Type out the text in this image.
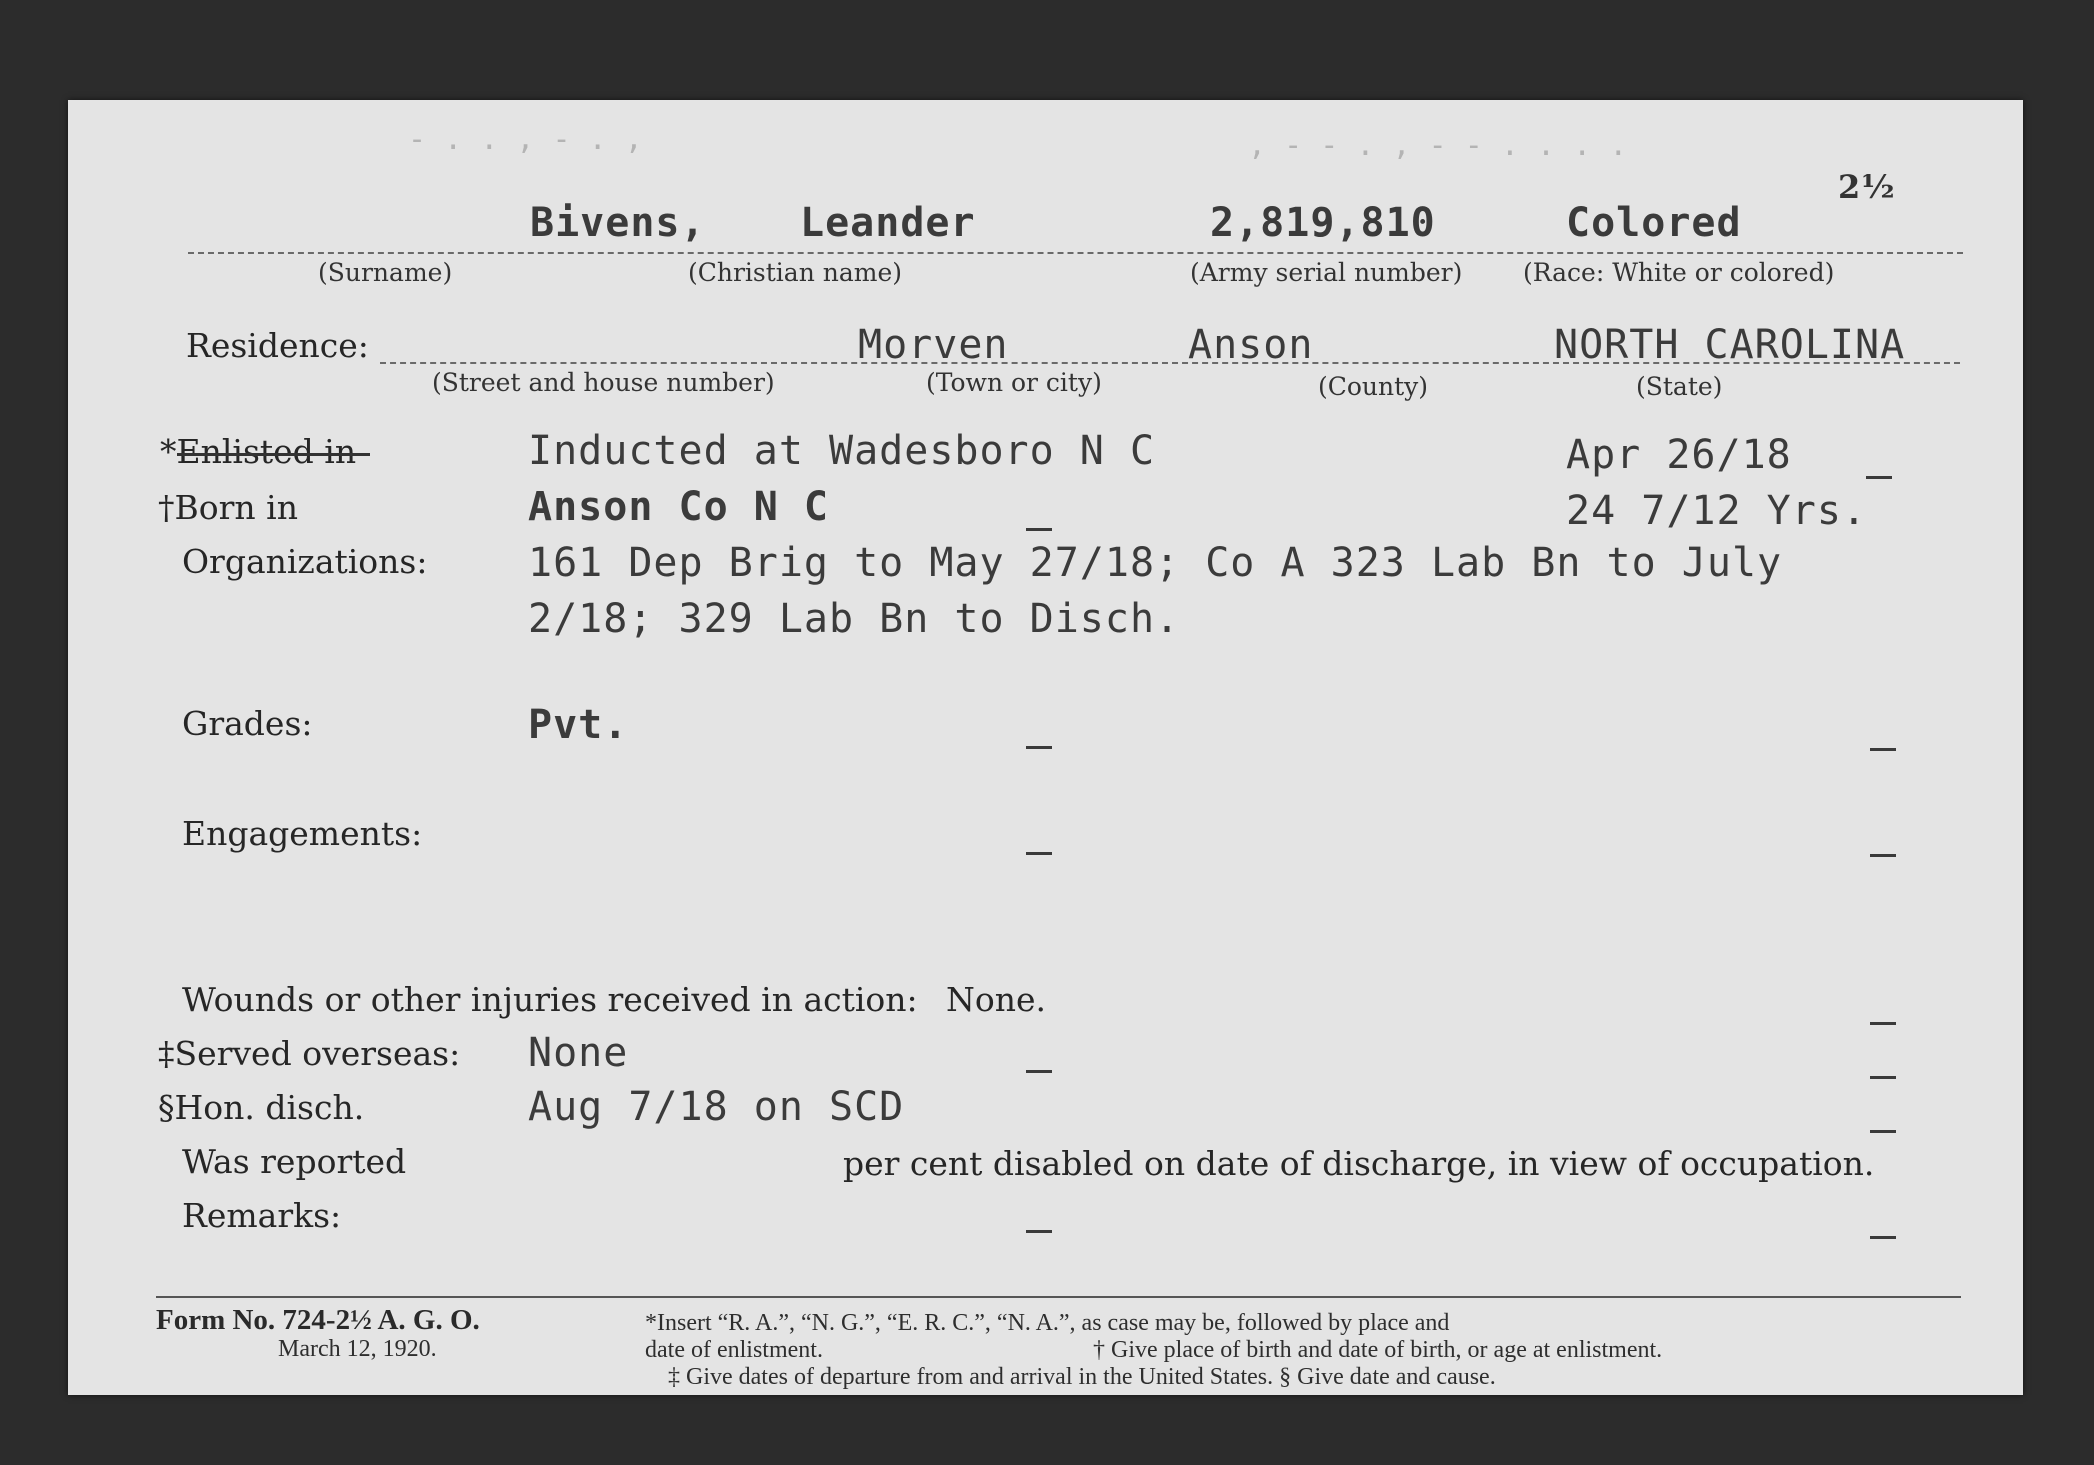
- . . , - . ,	, - - . , - - . . . .
2½
Bivens, Leander	2,819,810	Colored
(Surname)	(Christian name)	(Army serial number) (Race: White or colored)
Residence:	Morven	Anson	NORTH CAROLINA
(Street and house number)	(Town or city)	(County)	(State)
*Enlisted in	Inducted at Wadesboro N C	Apr 26/18
†Born in	Anson Co N C	24 7/12 Yrs.
Organizations:	161 Dep Brig to May 27/18; Co A 323 Lab Bn to July
2/18; 329 Lab Bn to Disch.
Grades:	Pvt.
Engagements:
Wounds or other injuries received in action: None.
‡Served overseas: None
§Hon. disch.	Aug 7/18 on SCD
Was reported	per cent disabled on date of discharge, in view of occupation.
Remarks:
Form No. 724-2½ A. G. O.
March 12, 1920.
*Insert “R. A.”, “N. G.”, “E. R. C.”, “N. A.”, as case may be, followed by place and
date of enlistment.	† Give place of birth and date of birth, or age at enlistment.
‡ Give dates of departure from and arrival in the United States. § Give date and cause.
